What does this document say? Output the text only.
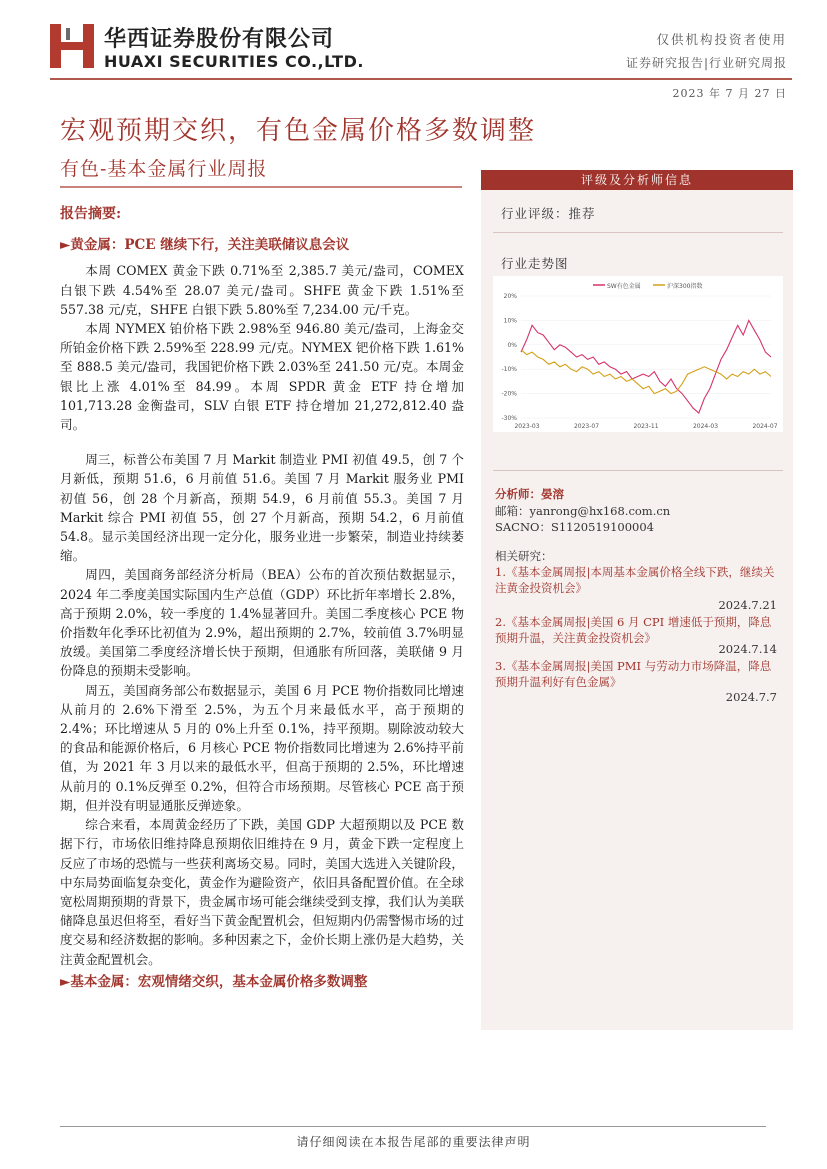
华西证券股份有限公司
HUAXI SECURITIES CO.,LTD.
仅供机构投资者使用
证券研究报告|行业研究周报
2023 年 7 月 27 日
宏观预期交织，有色金属价格多数调整
有色-基本金属行业周报
报告摘要:
►黄金属：PCE 继续下行，关注美联储议息会议

本周 COMEX 黄金下跌 0.71%至 2,385.7 美元/盎司，COMEX 白银下跌 4.54%至 28.07 美元/盎司。SHFE 黄金下跌 1.51%至 557.38 元/克，SHFE 白银下跌 5.80%至 7,234.00 元/千克。

本周 NYMEX 铂价格下跌 2.98%至 946.80 美元/盎司，上海金交所铂金价格下跌 2.59%至 228.99 元/克。NYMEX 钯价格下跌 1.61%至 888.5 美元/盎司，我国钯价格下跌 2.03%至 241.50 元/克。本周金银比上涨 4.01%至 84.99。本周 SPDR 黄金 ETF 持仓增加 101,713.28 金衡盎司，SLV 白银 ETF 持仓增加 21,272,812.40 盎司。

周三，标普公布美国 7 月 Markit 制造业 PMI 初值 49.5，创 7 个月新低，预期 51.6，6 月前值 51.6。美国 7 月 Markit 服务业 PMI 初值 56，创 28 个月新高，预期 54.9，6 月前值 55.3。美国 7 月 Markit 综合 PMI 初值 55，创 27 个月新高，预期 54.2，6 月前值 54.8。显示美国经济出现一定分化，服务业进一步繁荣，制造业持续萎缩。

周四，美国商务部经济分析局（BEA）公布的首次预估数据显示，2024 年二季度美国实际国内生产总值（GDP）环比折年率增长 2.8%，高于预期 2.0%，较一季度的 1.4%显著回升。美国二季度核心 PCE 物价指数年化季环比初值为 2.9%，超出预期的 2.7%，较前值 3.7%明显放缓。美国第二季度经济增长快于预期，但通胀有所回落，美联储 9 月份降息的预期未受影响。

周五，美国商务部公布数据显示，美国 6 月 PCE 物价指数同比增速从前月的 2.6%下滑至 2.5%，为五个月来最低水平，高于预期的 2.4%；环比增速从 5 月的 0%上升至 0.1%，持平预期。剔除波动较大的食品和能源价格后，6 月核心 PCE 物价指数同比增速为 2.6%持平前值，为 2021 年 3 月以来的最低水平，但高于预期的 2.5%，环比增速从前月的 0.1%反弹至 0.2%，但符合市场预期。尽管核心 PCE 高于预期，但并没有明显通胀反弹迹象。

综合来看，本周黄金经历了下跌，美国 GDP 大超预期以及 PCE 数据下行，市场依旧维持降息预期依旧维持在 9 月，黄金下跌一定程度上反应了市场的恐慌与一些获利离场交易。同时，美国大选进入关键阶段，中东局势面临复杂变化，黄金作为避险资产，依旧具备配置价值。在全球宽松周期预期的背景下，贵金属市场可能会继续受到支撑，我们认为美联储降息虽迟但将至，看好当下黄金配置机会，但短期内仍需警惕市场的过度交易和经济数据的影响。多种因素之下，金价长期上涨仍是大趋势，关注黄金配置机会。

►基本金属：宏观情绪交织，基本金属价格多数调整
评级及分析师信息
行业评级：推荐
行业走势图
SW有色金属	沪深300指数
20%
10%
0%
-10%
-20%
-30%
2023-03	2023-07	2023-11	2024-03	2024-07
分析师：晏溶
邮箱：yanrong@hx168.com.cn
SACNO：S1120519100004
相关研究：
1.《基本金属周报|本周基本金属价格全线下跌，继续关注黄金投资机会》
2024.7.21
2.《基本金属周报|美国 6 月 CPI 增速低于预期，降息预期升温，关注黄金投资机会》
2024.7.14
3.《基本金属周报|美国 PMI 与劳动力市场降温，降息预期升温利好有色金属》
2024.7.7
请仔细阅读在本报告尾部的重要法律声明
